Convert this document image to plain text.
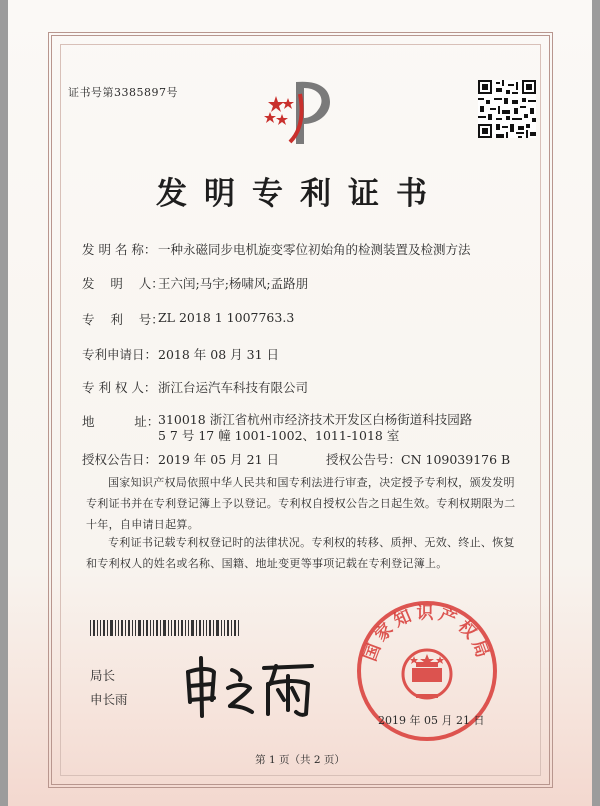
证书号第3385897号
发明专利证书
发 明 名 称： 一种永磁同步电机旋变零位初始角的检测装置及检测方法
发    明    人：
王六闰;马宇;杨啸风;孟路朋
专    利    号：
ZL 2018 1 1007763.3
专利申请日： 2018 年 08 月 31 日
专 利 权 人： 浙江台运汽车科技有限公司
地          址：
310018 浙江省杭州市经济技术开发区白杨街道科技园路 5 7 号 17 幢 1001-1002、1011-1018 室
授权公告日： 2019 年 05 月 21 日	授权公告号：CN 109039176 B
国家知识产权局依照中华人民共和国专利法进行审查，决定授予专利权，颁发发明专利证书并在专利登记簿上予以登记。专利权自授权公告之日起生效。专利权期限为二十年，自申请日起算。
专利证书记载专利权登记时的法律状况。专利权的转移、质押、无效、终止、恢复和专利权人的姓名或名称、国籍、地址变更等事项记载在专利登记簿上。
局长
申长雨
国家知识产权局
2019 年 05 月 21 日
第 1 页（共 2 页）
